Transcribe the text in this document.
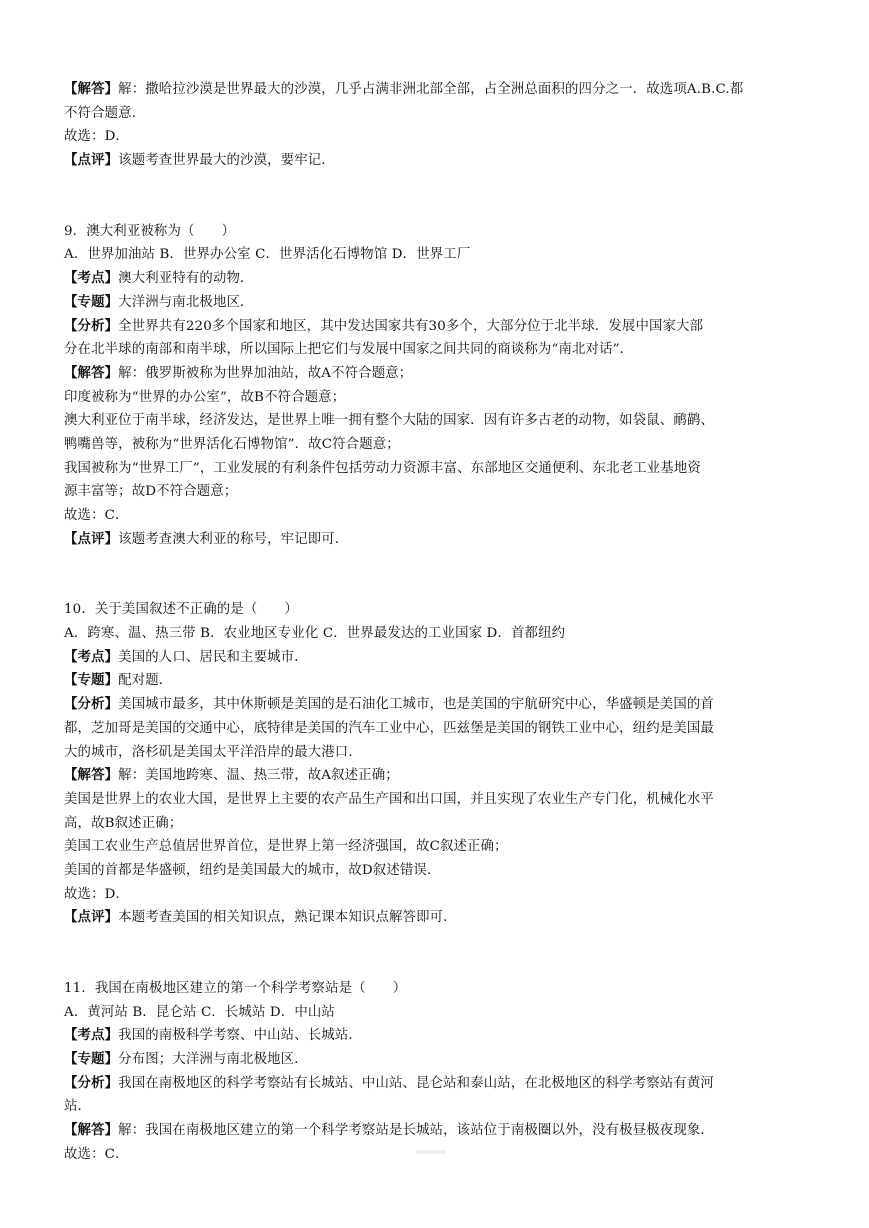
【解答】解：撒哈拉沙漠是世界最大的沙漠，几乎占满非洲北部全部，占全洲总面积的四分之一．故选项A.B.C.都
不符合题意．
故选：D．
【点评】该题考查世界最大的沙漠，要牢记．
9．澳大利亚被称为（　　）
A．世界加油站 B．世界办公室 C．世界活化石博物馆 D．世界工厂
【考点】澳大利亚特有的动物．
【专题】大洋洲与南北极地区．
【分析】全世界共有220多个国家和地区，其中发达国家共有30多个，大部分位于北半球．发展中国家大部
分在北半球的南部和南半球，所以国际上把它们与发展中国家之间共同的商谈称为“南北对话”．
【解答】解：俄罗斯被称为世界加油站，故A不符合题意；
印度被称为“世界的办公室”，故B不符合题意；
澳大利亚位于南半球，经济发达，是世界上唯一拥有整个大陆的国家．因有许多古老的动物，如袋鼠、鸸鹋、
鸭嘴兽等，被称为“世界活化石博物馆”．故C符合题意；
我国被称为“世界工厂”，工业发展的有利条件包括劳动力资源丰富、东部地区交通便利、东北老工业基地资
源丰富等；故D不符合题意；
故选：C．
【点评】该题考查澳大利亚的称号，牢记即可．
10．关于美国叙述不正确的是（　　）
A．跨寒、温、热三带 B．农业地区专业化 C．世界最发达的工业国家 D．首都纽约
【考点】美国的人口、居民和主要城市．
【专题】配对题．
【分析】美国城市最多，其中休斯顿是美国的是石油化工城市，也是美国的宇航研究中心，华盛顿是美国的首
都，芝加哥是美国的交通中心，底特律是美国的汽车工业中心，匹兹堡是美国的钢铁工业中心，纽约是美国最
大的城市，洛杉矶是美国太平洋沿岸的最大港口．
【解答】解：美国地跨寒、温、热三带，故A叙述正确；
美国是世界上的农业大国，是世界上主要的农产品生产国和出口国，并且实现了农业生产专门化，机械化水平
高，故B叙述正确；
美国工农业生产总值居世界首位，是世界上第一经济强国，故C叙述正确；
美国的首都是华盛顿，纽约是美国最大的城市，故D叙述错误．
故选：D．
【点评】本题考查美国的相关知识点，熟记课本知识点解答即可．
11．我国在南极地区建立的第一个科学考察站是（　　）
A．黄河站 B．昆仑站 C．长城站 D．中山站
【考点】我国的南极科学考察、中山站、长城站．
【专题】分布图；大洋洲与南北极地区．
【分析】我国在南极地区的科学考察站有长城站、中山站、昆仑站和泰山站，在北极地区的科学考察站有黄河
站．
【解答】解：我国在南极地区建立的第一个科学考察站是长城站，该站位于南极圈以外，没有极昼极夜现象．
故选：C．
